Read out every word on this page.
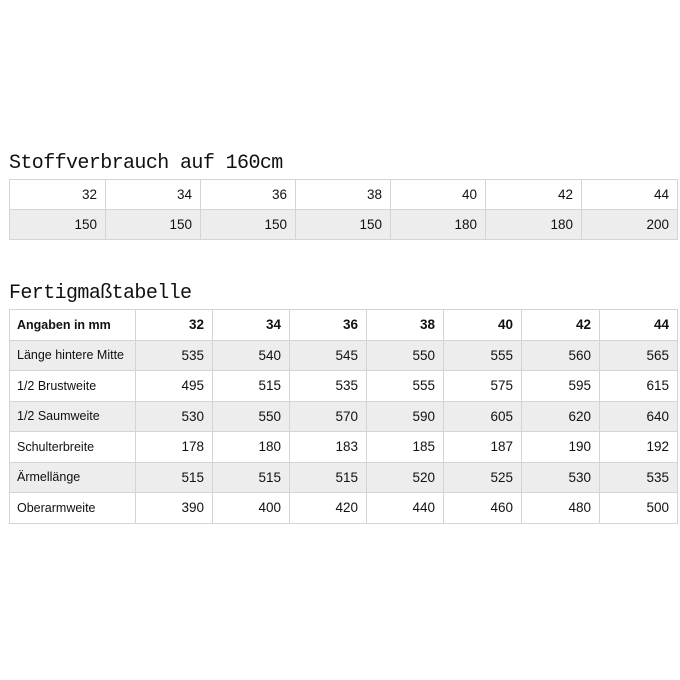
Stoffverbrauch auf 160cm
32	34	36	38	40	42	44
150	150	150	150	180	180	200
Fertigmaßtabelle
Angaben in mm	32	34	36	38	40	42	44
Länge hintere Mitte	535	540	545	550	555	560	565
1/2 Brustweite	495	515	535	555	575	595	615
1/2 Saumweite	530	550	570	590	605	620	640
Schulterbreite	178	180	183	185	187	190	192
Ärmellänge	515	515	515	520	525	530	535
Oberarmweite	390	400	420	440	460	480	500
